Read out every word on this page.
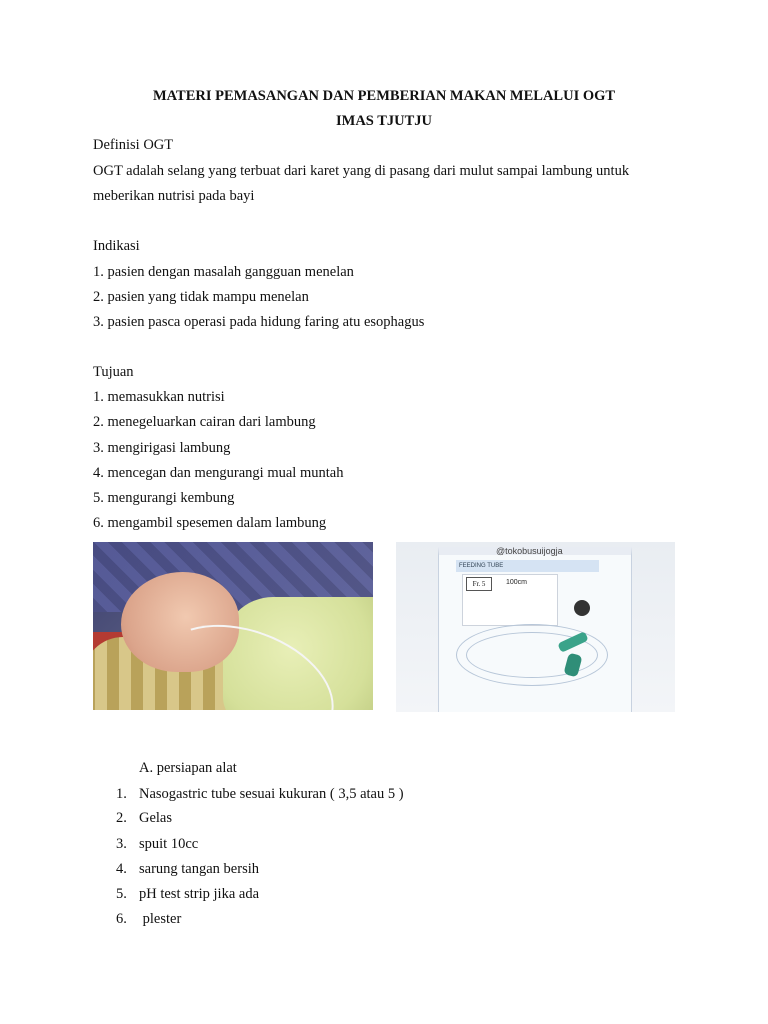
MATERI PEMASANGAN DAN PEMBERIAN MAKAN MELALUI OGT
IMAS TJUTJU
Definisi OGT
OGT adalah selang yang terbuat dari karet yang di pasang dari mulut sampai lambung untuk
meberikan nutrisi pada bayi
Indikasi
1. pasien dengan masalah gangguan menelan
2. pasien yang tidak mampu menelan
3. pasien pasca operasi pada hidung faring atu esophagus
Tujuan
1. memasukkan nutrisi
2. menegeluarkan cairan dari lambung
3. mengirigasi lambung
4. mencegan dan mengurangi mual muntah
5. mengurangi kembung
6. mengambil spesemen dalam lambung
@tokobusuijogja
FEEDING TUBE
Fr. 5	100cm
A. persiapan alat
1. Nasogastric tube sesuai kukuran ( 3,5 atau 5 )
2. Gelas
3. spuit 10cc
4. sarung tangan bersih
5. pH test strip jika ada
6. plester
